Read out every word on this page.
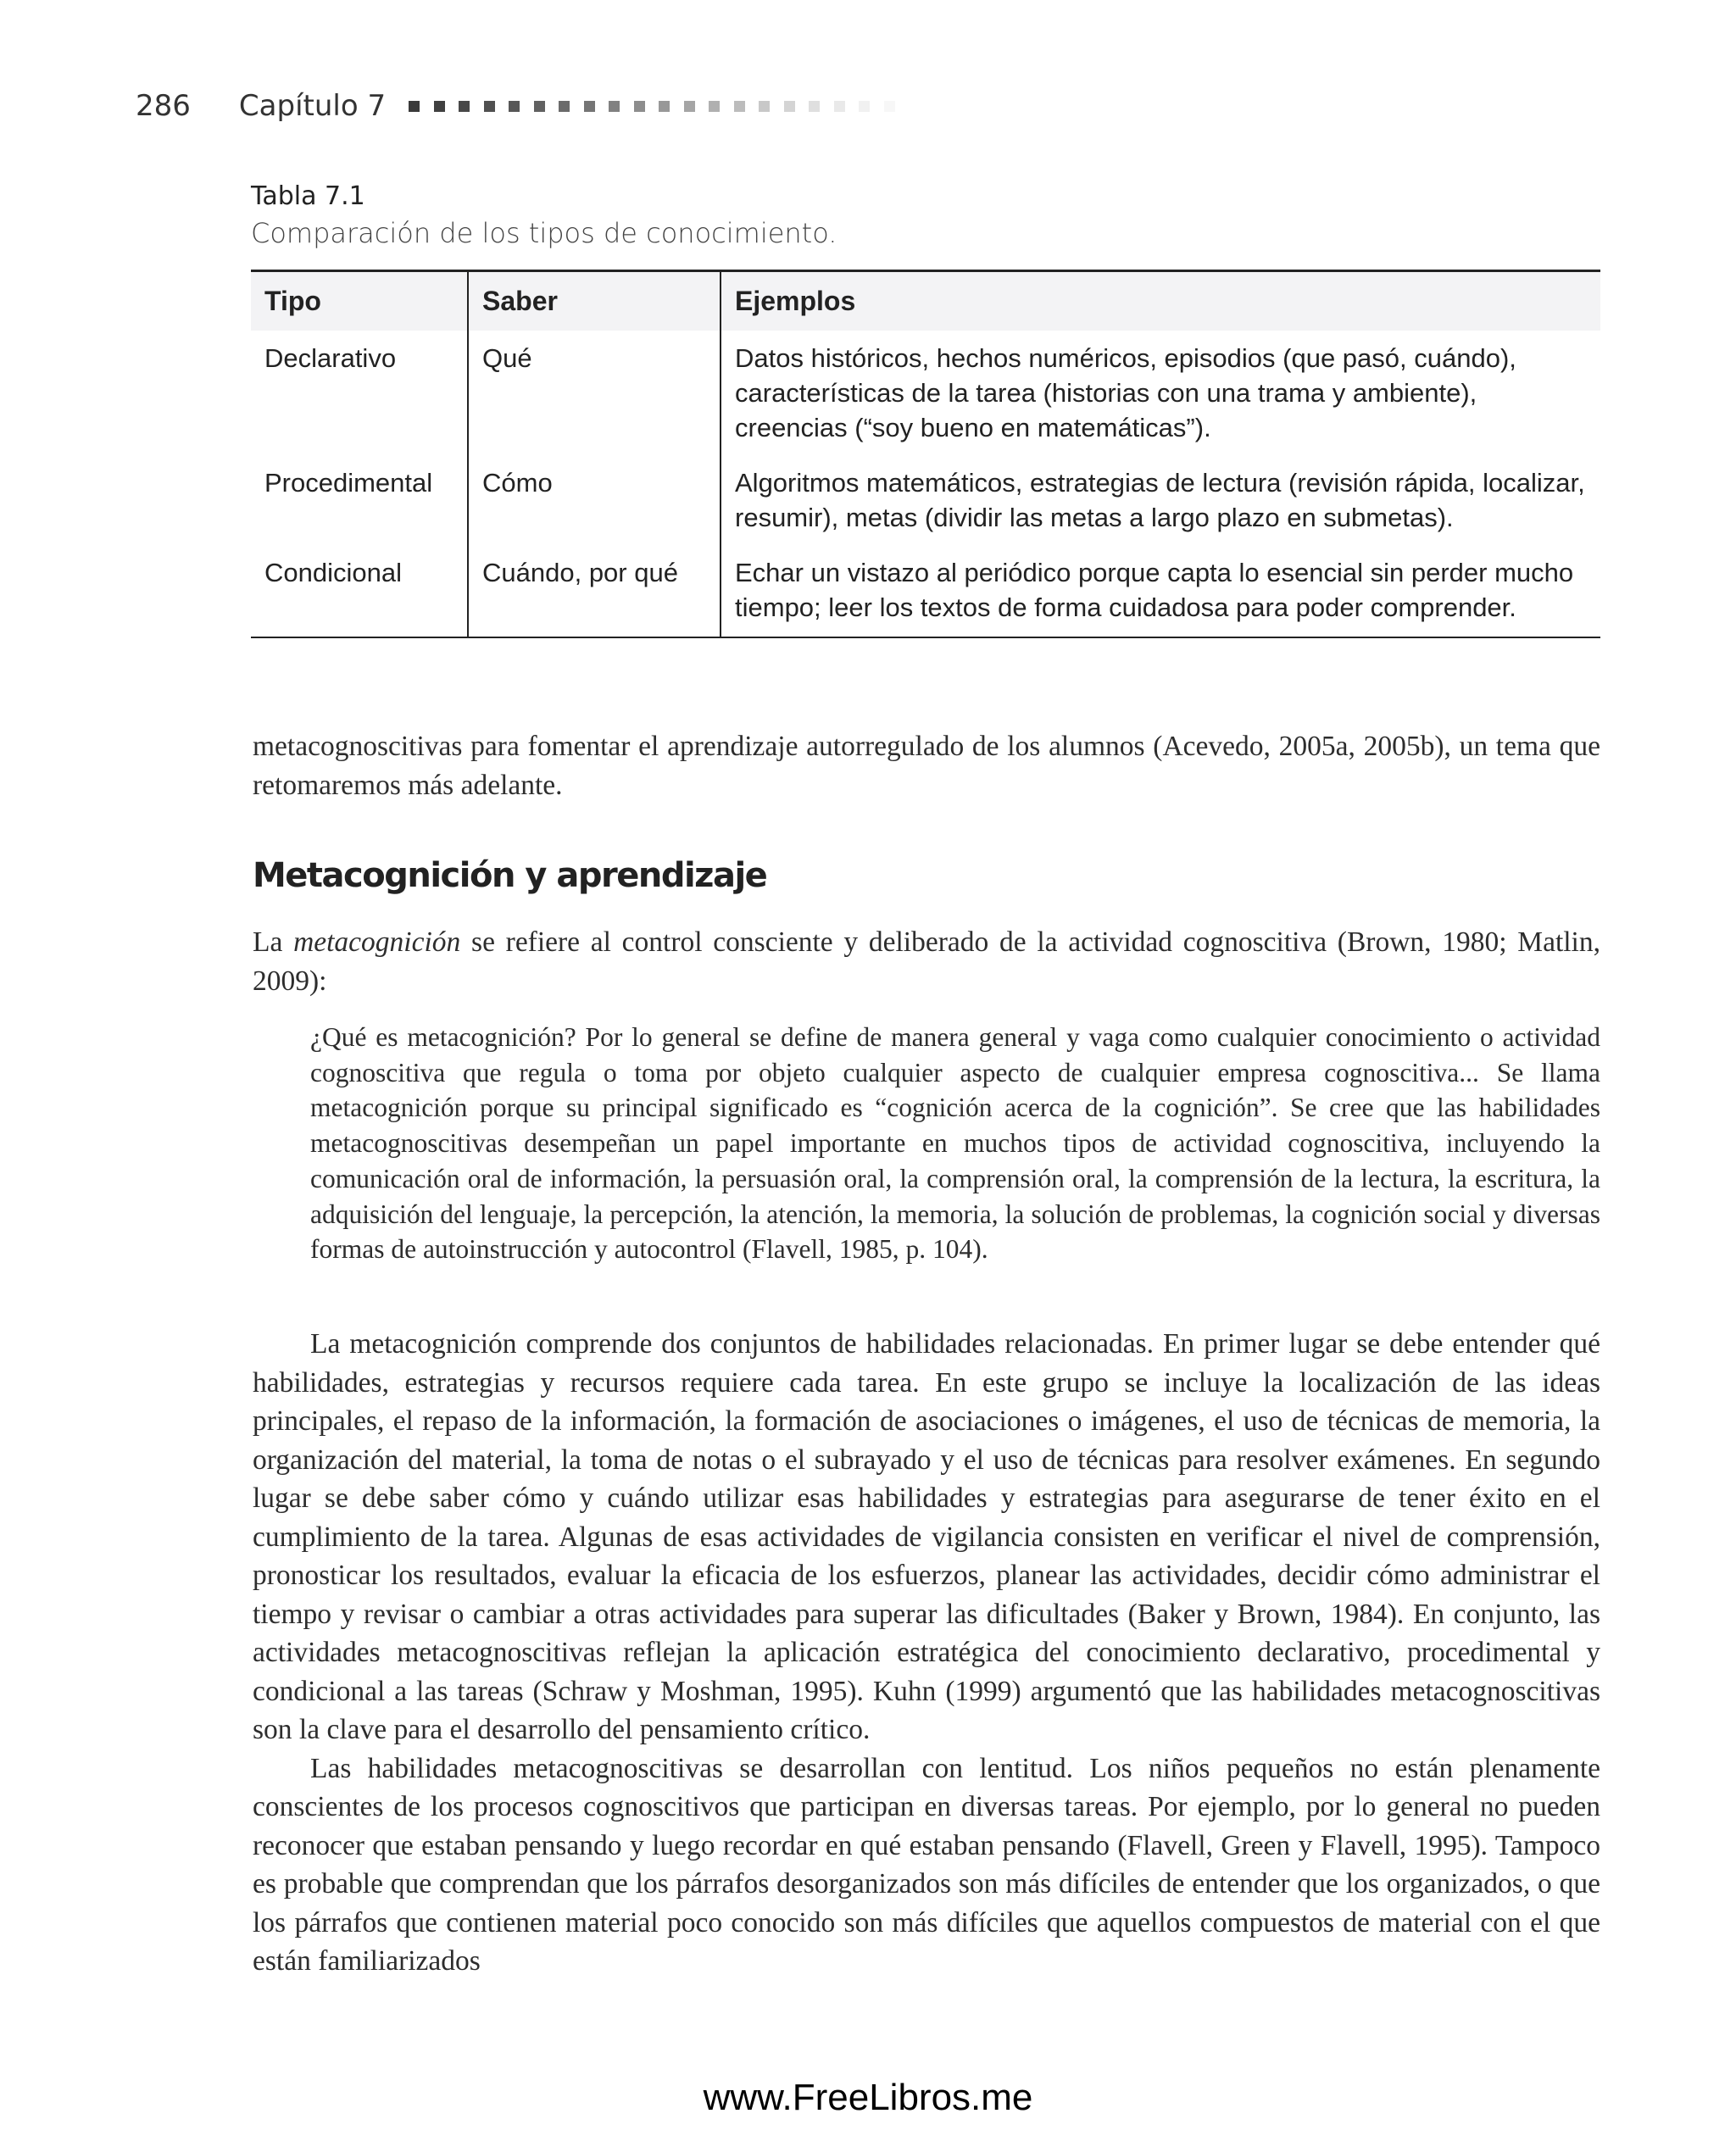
286 Capítulo 7
Tabla 7.1
Comparación de los tipos de conocimiento.
Tipo	Saber	Ejemplos
Declarativo	Qué	Datos históricos, hechos numéricos, episodios (que pasó, cuándo), características de la tarea (historias con una trama y ambiente), creencias (“soy bueno en matemáticas”).
Procedimental	Cómo	Algoritmos matemáticos, estrategias de lectura (revisión rápida, localizar, resumir), metas (dividir las metas a largo plazo en submetas).
Condicional	Cuándo, por qué	Echar un vistazo al periódico porque capta lo esencial sin perder mucho tiempo; leer los textos de forma cuidadosa para poder comprender.

metacognoscitivas para fomentar el aprendizaje autorregulado de los alumnos (Acevedo, 2005a, 2005b), un tema que retomaremos más adelante.

Metacognición y aprendizaje

La metacognición se refiere al control consciente y deliberado de la actividad cognoscitiva (Brown, 1980; Matlin, 2009):

¿Qué es metacognición? Por lo general se define de manera general y vaga como cualquier conocimiento o actividad cognoscitiva que regula o toma por objeto cualquier aspecto de cualquier empresa cognoscitiva... Se llama metacognición porque su principal significado es “cognición acerca de la cognición”. Se cree que las habilidades metacognoscitivas desempeñan un papel importante en muchos tipos de actividad cognoscitiva, incluyendo la comunicación oral de información, la persuasión oral, la comprensión oral, la comprensión de la lectura, la escritura, la adquisición del lenguaje, la percepción, la atención, la memoria, la solución de problemas, la cognición social y diversas formas de autoinstrucción y autocontrol (Flavell, 1985, p. 104).

La metacognición comprende dos conjuntos de habilidades relacionadas. En primer lugar se debe entender qué habilidades, estrategias y recursos requiere cada tarea. En este grupo se incluye la localización de las ideas principales, el repaso de la información, la formación de asociaciones o imágenes, el uso de técnicas de memoria, la organización del material, la toma de notas o el subrayado y el uso de técnicas para resolver exámenes. En segundo lugar se debe saber cómo y cuándo utilizar esas habilidades y estrategias para asegurarse de tener éxito en el cumplimiento de la tarea. Algunas de esas actividades de vigilancia consisten en verificar el nivel de comprensión, pronosticar los resultados, evaluar la eficacia de los esfuerzos, planear las actividades, decidir cómo administrar el tiempo y revisar o cambiar a otras actividades para superar las dificultades (Baker y Brown, 1984). En conjunto, las actividades metacognoscitivas reflejan la aplicación estratégica del conocimiento declarativo, procedimental y condicional a las tareas (Schraw y Moshman, 1995). Kuhn (1999) argumentó que las habilidades metacognoscitivas son la clave para el desarrollo del pensamiento crítico.

Las habilidades metacognoscitivas se desarrollan con lentitud. Los niños pequeños no están plenamente conscientes de los procesos cognoscitivos que participan en diversas tareas. Por ejemplo, por lo general no pueden reconocer que estaban pensando y luego recordar en qué estaban pensando (Flavell, Green y Flavell, 1995). Tampoco es probable que comprendan que los párrafos desorganizados son más difíciles de entender que los organizados, o que los párrafos que contienen material poco conocido son más difíciles que aquellos compuestos de material con el que están familiarizados

www.FreeLibros.me
